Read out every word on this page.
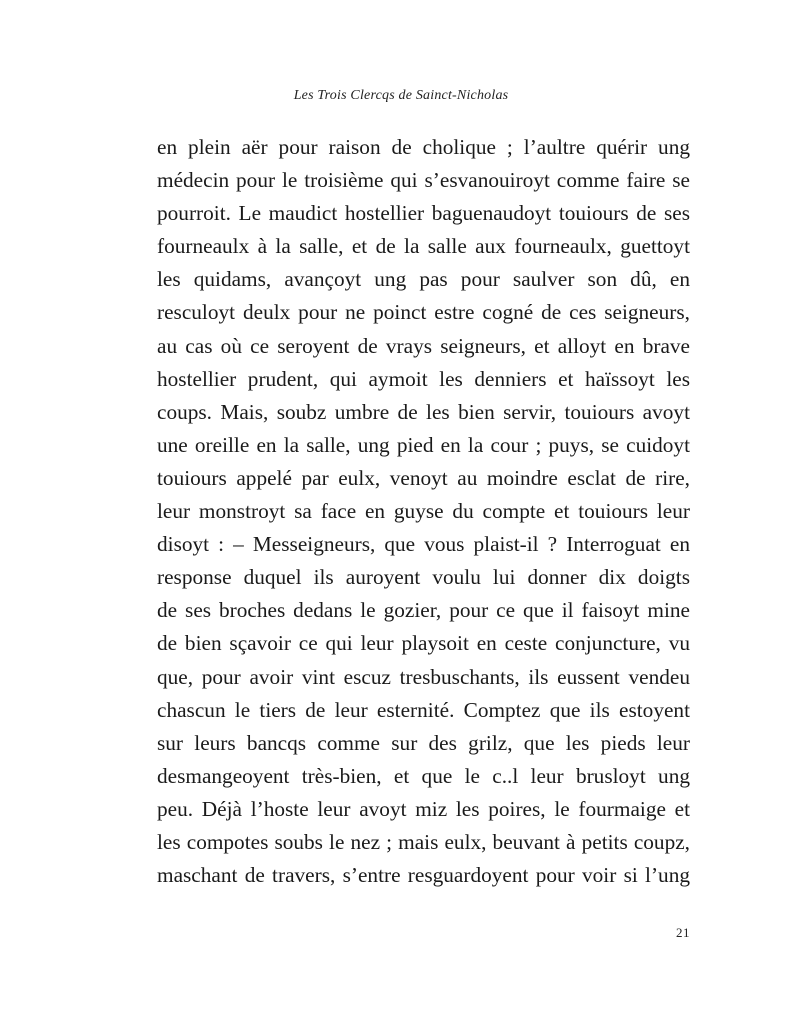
Les Trois Clercqs de Sainct-Nicholas
en plein aër pour raison de cholique ; l’aultre quérir ung
médecin pour le troisième qui s’esvanouiroyt comme faire se
pourroit. Le maudict hostellier baguenaudoyt touiours de ses
fourneaulx à la salle, et de la salle aux fourneaulx, guettoyt
les quidams, avançoyt ung pas pour saulver son dû, en
resculoyt deulx pour ne poinct estre cogné de ces seigneurs,
au cas où ce seroyent de vrays seigneurs, et alloyt en brave
hostellier prudent, qui aymoit les denniers et haïssoyt les
coups. Mais, soubz umbre de les bien servir, touiours avoyt
une oreille en la salle, ung pied en la cour ; puys, se cuidoyt
touiours appelé par eulx, venoyt au moindre esclat de rire,
leur monstroyt sa face en guyse du compte et touiours leur
disoyt : – Messeigneurs, que vous plaist-il ? Interroguat en
response duquel ils auroyent voulu lui donner dix doigts
de ses broches dedans le gozier, pour ce que il faisoyt mine
de bien sçavoir ce qui leur playsoit en ceste conjuncture, vu
que, pour avoir vint escuz tresbuschants, ils eussent vendeu
chascun le tiers de leur esternité. Comptez que ils estoyent
sur leurs bancqs comme sur des grilz, que les pieds leur
desmangeoyent très-bien, et que le c..l leur brusloyt ung
peu. Déjà l’hoste leur avoyt miz les poires, le fourmaige et
les compotes soubs le nez ; mais eulx, beuvant à petits coupz,
maschant de travers, s’entre resguardoyent pour voir si l’ung
21
